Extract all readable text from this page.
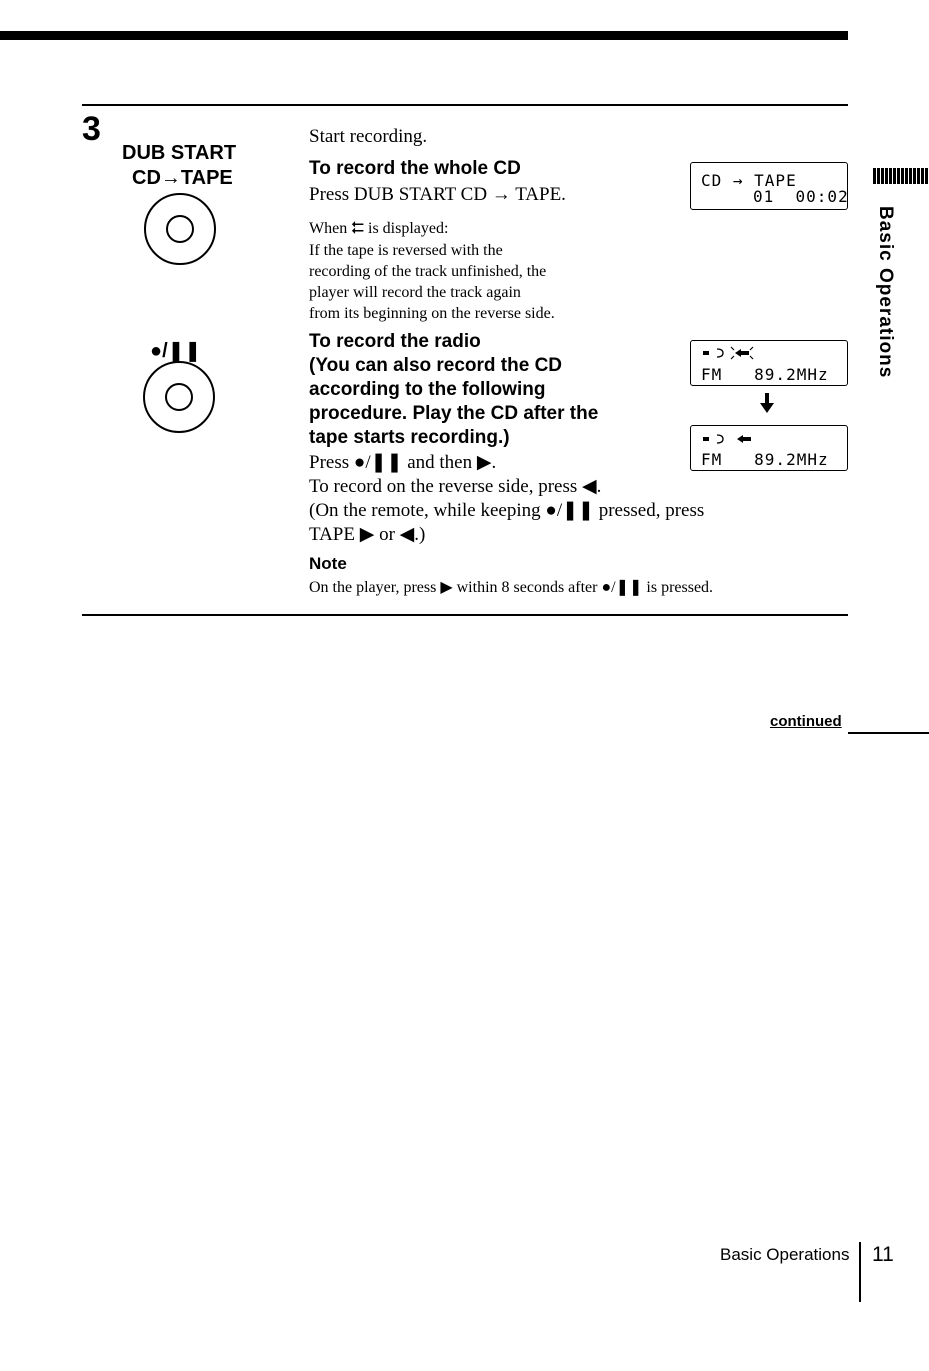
3
DUB START
CD→TAPE
●/❚❚
Start recording.
To record the whole CD
Press DUB START CD → TAPE.
When ⮄ is displayed:
If the tape is reversed with the
recording of the track unfinished, the
player will record the track again
from its beginning on the reverse side.
To record the radio
(You can also record the CD
according to the following
procedure. Play the CD after the
tape starts recording.)
Press ●/❚❚ and then ▶.
To record on the reverse side, press ◀.
(On the remote, while keeping ●/❚❚ pressed, press
TAPE ▶ or ◀.)
Note
On the player, press ▶ within 8 seconds after ●/❚❚ is pressed.
CD → TAPE
01  00:02
FM   89.2MHz
FM   89.2MHz
Basic Operations
continued
Basic Operations 11
